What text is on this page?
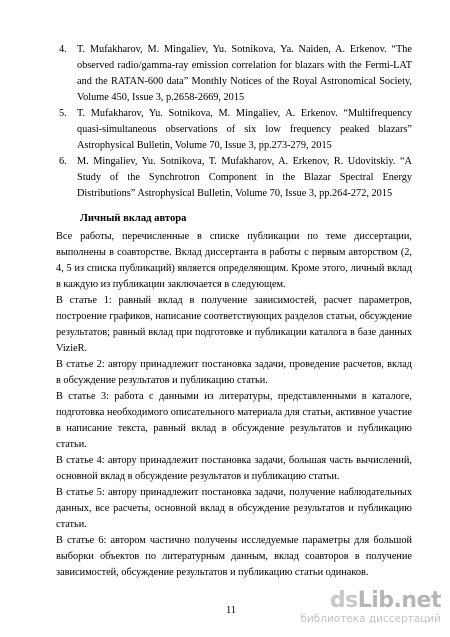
4. T. Mufakharov, M. Mingaliev, Yu. Sotnikova, Ya. Naiden, A. Erkenov. “The observed radio/gamma-ray emission correlation for blazars with the Fermi-LAT and the RATAN-600 data” Monthly Notices of the Royal Astronomical Society, Volume 450, Issue 3, p.2658-2669, 2015
5. T. Mufakharov, Yu. Sotnikova, M. Mingaliev, A. Erkenov. “Multifrequency quasi-simultaneous observations of six low frequency peaked blazars” Astrophysical Bulletin, Volume 70, Issue 3, pp.273-279, 2015
6. M. Mingaliev, Yu. Sotnikova, T. Mufakharov, A. Erkenov, R. Udovitskiy. “A Study of the Synchrotron Component in the Blazar Spectral Energy Distributions” Astrophysical Bulletin, Volume 70, Issue 3, pp.264-272, 2015
Личный вклад автора

Все работы, перечисленные в списке публикации по теме диссертации, выполнены в соавторстве. Вклад диссертанта в работы с первым авторством (2, 4, 5 из списка публикаций) является определяющим. Кроме этого, личный вклад в каждую из публикации заключается в следующем.

В статье 1: равный вклад в получение зависимостей, расчет параметров, построение графиков, написание соответствующих разделов статьи, обсуждение результатов; равный вклад при подготовке и публикации каталога в базе данных VizieR.

В статье 2: автору принадлежит постановка задачи, проведение расчетов, вклад в обсуждение результатов и публикацию статьи.

В статье 3: работа с данными из литературы, представленными в каталоге, подготовка необходимого описательного материала для статьи, активное участие в написание текста, равный вклад в обсуждение результатов и публикацию статьи.

В статье 4: автору принадлежит постановка задачи, большая часть вычислений, основной вклад в обсуждение результатов и публикацию статьи.

В статье 5: автору принадлежит постановка задачи, получение наблюдательных данных, все расчеты, основной вклад в обсуждение результатов и публикацию статьи.

В статье 6: автором частично получены исследуемые параметры для большой выборки объектов по литературным данным, вклад соавторов в получение зависимостей, обсуждение результатов и публикацию статьи одинаков.

11	dsLib.net
библиотека диссертаций
